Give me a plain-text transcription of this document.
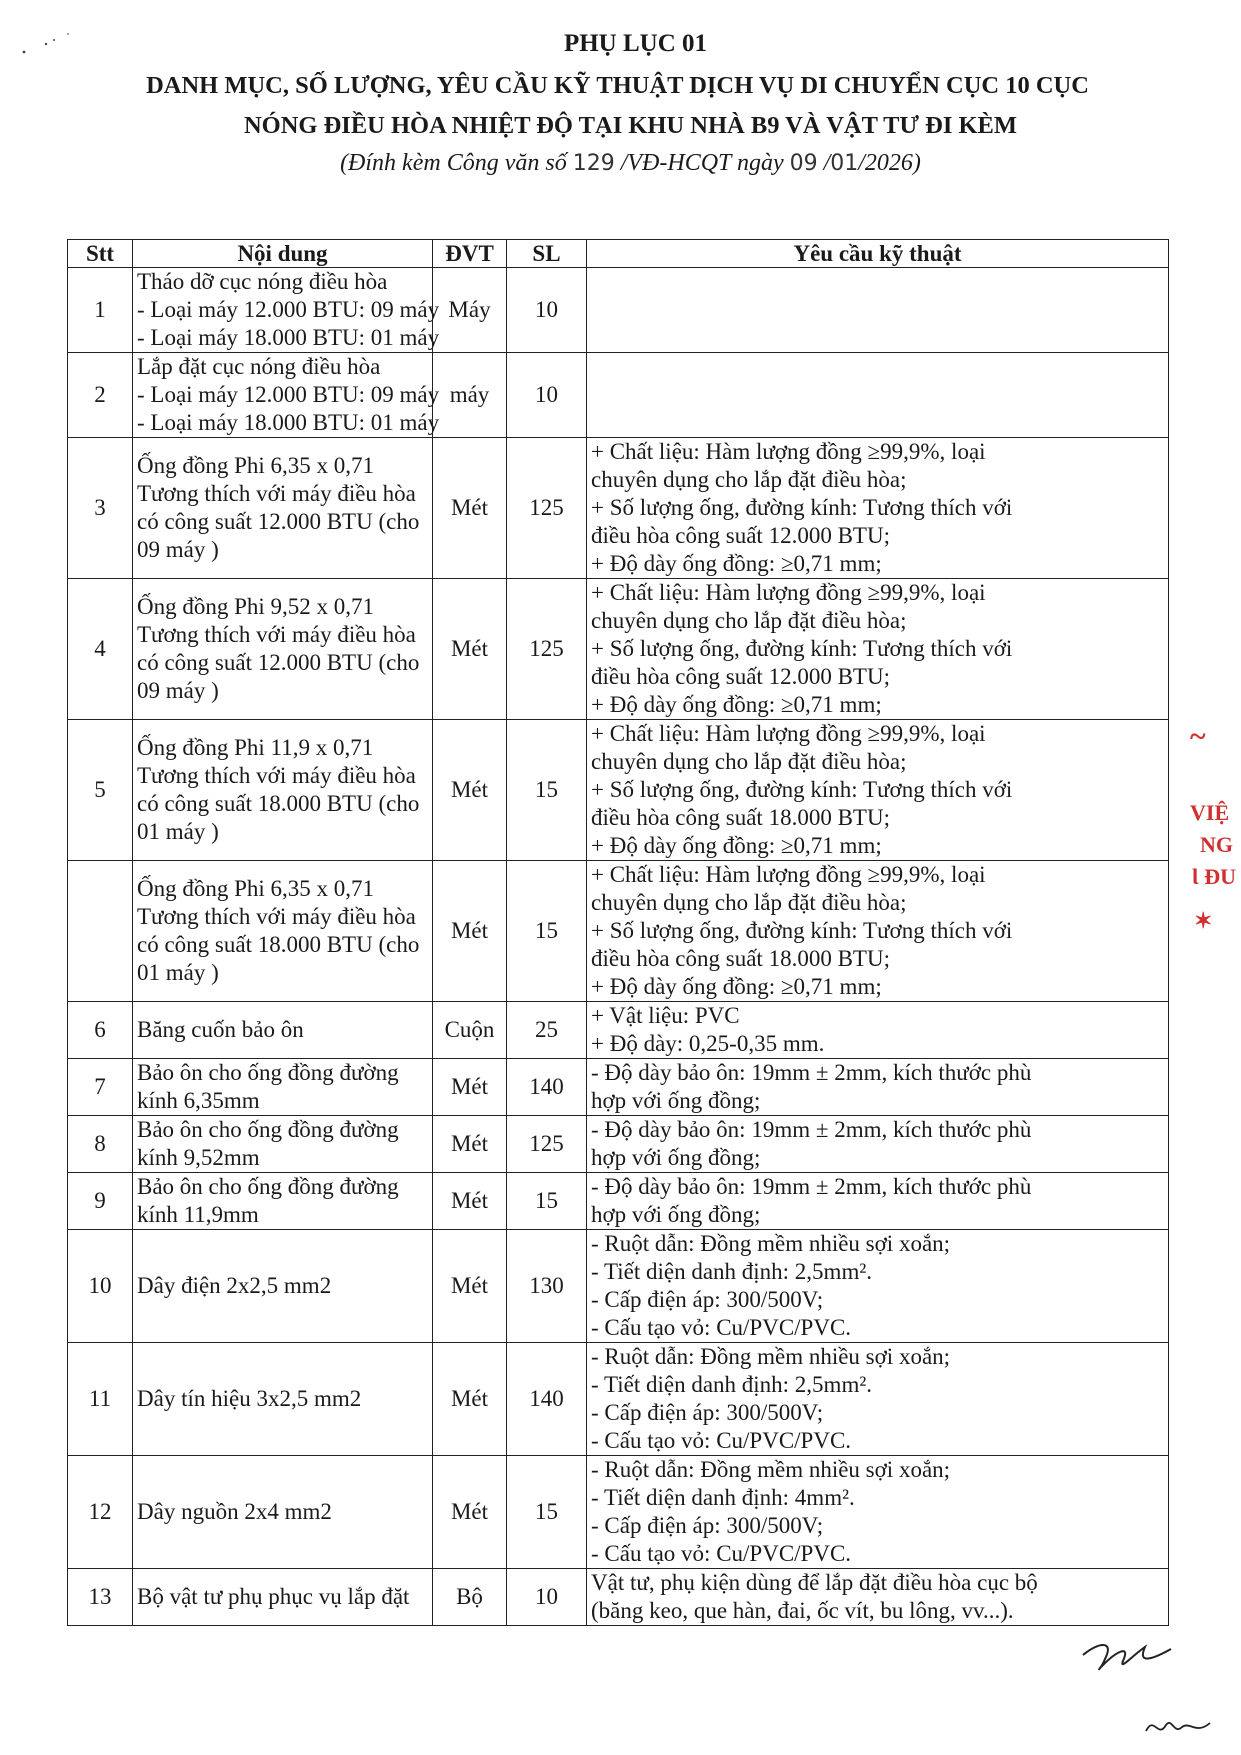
PHỤ LỤC 01
DANH MỤC, SỐ LƯỢNG, YÊU CẦU KỸ THUẬT DỊCH VỤ DI CHUYỂN CỤC 10 CỤC
NÓNG ĐIỀU HÒA NHIỆT ĐỘ TẠI KHU NHÀ B9 VÀ VẬT TƯ ĐI KÈM
(Đính kèm Công văn số 129 /VĐ-HCQT ngày 09 /01/2026)
Stt	Nội dung	ĐVT	SL	Yêu cầu kỹ thuật
1	Tháo dỡ cục nóng điều hòa
- Loại máy 12.000 BTU: 09 máy
- Loại máy 18.000 BTU: 01 máy	Máy	10	
2	Lắp đặt cục nóng điều hòa
- Loại máy 12.000 BTU: 09 máy
- Loại máy 18.000 BTU: 01 máy	máy	10	
3	Ống đồng Phi 6,35 x 0,71
Tương thích với máy điều hòa
có công suất 12.000 BTU (cho
09 máy )	Mét	125	+ Chất liệu: Hàm lượng đồng ≥99,9%, loại
chuyên dụng cho lắp đặt điều hòa;
+ Số lượng ống, đường kính: Tương thích với
điều hòa công suất 12.000 BTU;
+ Độ dày ống đồng: ≥0,71 mm;

4	Ống đồng Phi 9,52 x 0,71
Tương thích với máy điều hòa
có công suất 12.000 BTU (cho
09 máy )	Mét	125	+ Chất liệu: Hàm lượng đồng ≥99,9%, loại
chuyên dụng cho lắp đặt điều hòa;
+ Số lượng ống, đường kính: Tương thích với
điều hòa công suất 12.000 BTU;
+ Độ dày ống đồng: ≥0,71 mm;

5	Ống đồng Phi 11,9 x 0,71
Tương thích với máy điều hòa
có công suất 18.000 BTU (cho
01 máy )	Mét	15	+ Chất liệu: Hàm lượng đồng ≥99,9%, loại
chuyên dụng cho lắp đặt điều hòa;
+ Số lượng ống, đường kính: Tương thích với
điều hòa công suất 18.000 BTU;
+ Độ dày ống đồng: ≥0,71 mm;

	Ống đồng Phi 6,35 x 0,71
Tương thích với máy điều hòa
có công suất 18.000 BTU (cho
01 máy )	Mét	15	+ Chất liệu: Hàm lượng đồng ≥99,9%, loại
chuyên dụng cho lắp đặt điều hòa;
+ Số lượng ống, đường kính: Tương thích với
điều hòa công suất 18.000 BTU;
+ Độ dày ống đồng: ≥0,71 mm;

6	Băng cuốn bảo ôn	Cuộn	25	+ Vật liệu: PVC
+ Độ dày: 0,25-0,35 mm.

7	Bảo ôn cho ống đồng đường
kính 6,35mm	Mét	140	- Độ dày bảo ôn: 19mm ± 2mm, kích thước phù
hợp với ống đồng;

8	Bảo ôn cho ống đồng đường
kính 9,52mm	Mét	125	- Độ dày bảo ôn: 19mm ± 2mm, kích thước phù
hợp với ống đồng;

9	Bảo ôn cho ống đồng đường
kính 11,9mm	Mét	15	- Độ dày bảo ôn: 19mm ± 2mm, kích thước phù
hợp với ống đồng;

10	Dây điện 2x2,5 mm2	Mét	130	- Ruột dẫn: Đồng mềm nhiều sợi xoắn;
- Tiết diện danh định: 2,5mm².
- Cấp điện áp: 300/500V;
- Cấu tạo vỏ: Cu/PVC/PVC.

11	Dây tín hiệu 3x2,5 mm2	Mét	140	- Ruột dẫn: Đồng mềm nhiều sợi xoắn;
- Tiết diện danh định: 2,5mm².
- Cấp điện áp: 300/500V;
- Cấu tạo vỏ: Cu/PVC/PVC.

12	Dây nguồn 2x4 mm2	Mét	15	- Ruột dẫn: Đồng mềm nhiều sợi xoắn;
- Tiết diện danh định: 4mm².
- Cấp điện áp: 300/500V;
- Cấu tạo vỏ: Cu/PVC/PVC.

13	Bộ vật tư phụ phục vụ lắp đặt	Bộ	10	Vật tư, phụ kiện dùng để lắp đặt điều hòa cục bộ
(băng keo, que hàn, đai, ốc vít, bu lông, vv...).
~
VIỆ
NG
Ɩ ĐU
✶
